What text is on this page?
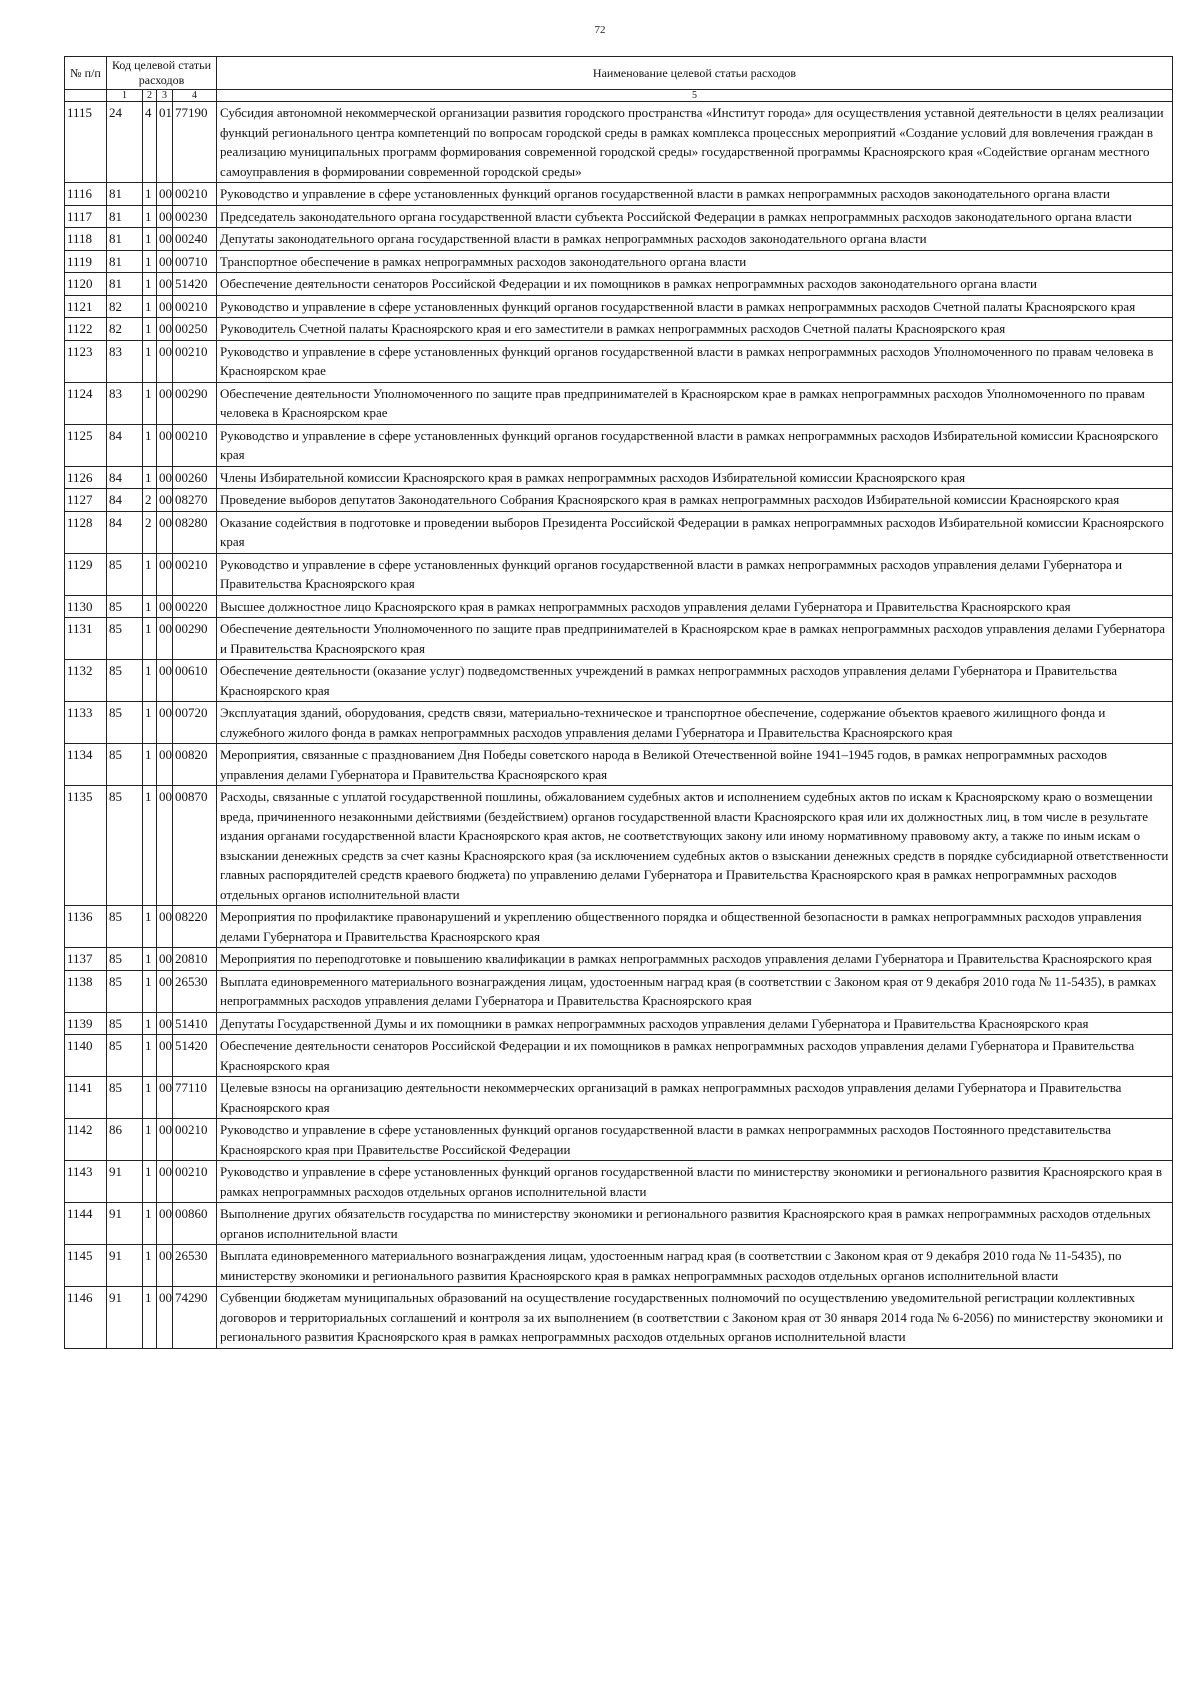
72
№ п/п	Код целевой статьи расходов				Наименование целевой статьи расходов
	1	2	3	4	5
1115	24	4	01	77190	Субсидия автономной некоммерческой организации развития городского пространства «Институт города» для осуществления уставной деятельности в целях реализации функций регионального центра компетенций по вопросам городской среды в рамках комплекса процессных мероприятий «Создание условий для вовлечения граждан в реализацию муниципальных программ формирования современной городской среды» государственной программы Красноярского края «Содействие органам местного самоуправления в формировании современной городской среды»
1116	81	1	00	00210	Руководство и управление в сфере установленных функций органов государственной власти в рамках непрограммных расходов законодательного органа власти
1117	81	1	00	00230	Председатель законодательного органа государственной власти субъекта Российской Федерации в рамках непрограммных расходов законодательного органа власти
1118	81	1	00	00240	Депутаты законодательного органа государственной власти в рамках непрограммных расходов законодательного органа власти
1119	81	1	00	00710	Транспортное обеспечение в рамках непрограммных расходов законодательного органа власти
1120	81	1	00	51420	Обеспечение деятельности сенаторов Российской Федерации и их помощников в рамках непрограммных расходов законодательного органа власти
1121	82	1	00	00210	Руководство и управление в сфере установленных функций органов государственной власти в рамках непрограммных расходов Счетной палаты Красноярского края
1122	82	1	00	00250	Руководитель Счетной палаты Красноярского края и его заместители в рамках непрограммных расходов Счетной палаты Красноярского края
1123	83	1	00	00210	Руководство и управление в сфере установленных функций органов государственной власти в рамках непрограммных расходов Уполномоченного по правам человека в Красноярском крае
1124	83	1	00	00290	Обеспечение деятельности Уполномоченного по защите прав предпринимателей в Красноярском крае в рамках непрограммных расходов Уполномоченного по правам человека в Красноярском крае
1125	84	1	00	00210	Руководство и управление в сфере установленных функций органов государственной власти в рамках непрограммных расходов Избирательной комиссии Красноярского края
1126	84	1	00	00260	Члены Избирательной комиссии Красноярского края в рамках непрограммных расходов Избирательной комиссии Красноярского края
1127	84	2	00	08270	Проведение выборов депутатов Законодательного Собрания Красноярского края в рамках непрограммных расходов Избирательной комиссии Красноярского края
1128	84	2	00	08280	Оказание содействия в подготовке и проведении выборов Президента Российской Федерации в рамках непрограммных расходов Избирательной комиссии Красноярского края
1129	85	1	00	00210	Руководство и управление в сфере установленных функций органов государственной власти в рамках непрограммных расходов управления делами Губернатора и Правительства Красноярского края
1130	85	1	00	00220	Высшее должностное лицо Красноярского края в рамках непрограммных расходов управления делами Губернатора и Правительства Красноярского края
1131	85	1	00	00290	Обеспечение деятельности Уполномоченного по защите прав предпринимателей в Красноярском крае в рамках непрограммных расходов управления делами Губернатора и Правительства Красноярского края
1132	85	1	00	00610	Обеспечение деятельности (оказание услуг) подведомственных учреждений в рамках непрограммных расходов управления делами Губернатора и Правительства Красноярского края
1133	85	1	00	00720	Эксплуатация зданий, оборудования, средств связи, материально-техническое и транспортное обеспечение, содержание объектов краевого жилищного фонда и служебного жилого фонда в рамках непрограммных расходов управления делами Губернатора и Правительства Красноярского края
1134	85	1	00	00820	Мероприятия, связанные с празднованием Дня Победы советского народа в Великой Отечественной войне 1941–1945 годов, в рамках непрограммных расходов управления делами Губернатора и Правительства Красноярского края
1135	85	1	00	00870	Расходы, связанные с уплатой государственной пошлины, обжалованием судебных актов и исполнением судебных актов по искам к Красноярскому краю о возмещении вреда, причиненного незаконными действиями (бездействием) органов государственной власти Красноярского края или их должностных лиц, в том числе в результате издания органами государственной власти Красноярского края актов, не соответствующих закону или иному нормативному правовому акту, а также по иным искам о взыскании денежных средств за счет казны Красноярского края (за исключением судебных актов о взыскании денежных средств в порядке субсидиарной ответственности главных распорядителей средств краевого бюджета) по управлению делами Губернатора и Правительства Красноярского края в рамках непрограммных расходов отдельных органов исполнительной власти
1136	85	1	00	08220	Мероприятия по профилактике правонарушений и укреплению общественного порядка и общественной безопасности в рамках непрограммных расходов управления делами Губернатора и Правительства Красноярского края
1137	85	1	00	20810	Мероприятия по переподготовке и повышению квалификации в рамках непрограммных расходов управления делами Губернатора и Правительства Красноярского края
1138	85	1	00	26530	Выплата единовременного материального вознаграждения лицам, удостоенным наград края (в соответствии с Законом края от 9 декабря 2010 года № 11-5435), в рамках непрограммных расходов управления делами Губернатора и Правительства Красноярского края
1139	85	1	00	51410	Депутаты Государственной Думы и их помощники в рамках непрограммных расходов управления делами Губернатора и Правительства Красноярского края
1140	85	1	00	51420	Обеспечение деятельности сенаторов Российской Федерации и их помощников в рамках непрограммных расходов управления делами Губернатора и Правительства Красноярского края
1141	85	1	00	77110	Целевые взносы на организацию деятельности некоммерческих организаций в рамках непрограммных расходов управления делами Губернатора и Правительства Красноярского края
1142	86	1	00	00210	Руководство и управление в сфере установленных функций органов государственной власти в рамках непрограммных расходов Постоянного представительства Красноярского края при Правительстве Российской Федерации
1143	91	1	00	00210	Руководство и управление в сфере установленных функций органов государственной власти по министерству экономики и регионального развития Красноярского края в рамках непрограммных расходов отдельных органов исполнительной власти
1144	91	1	00	00860	Выполнение других обязательств государства по министерству экономики и регионального развития Красноярского края в рамках непрограммных расходов отдельных органов исполнительной власти
1145	91	1	00	26530	Выплата единовременного материального вознаграждения лицам, удостоенным наград края (в соответствии с Законом края от 9 декабря 2010 года № 11-5435), по министерству экономики и регионального развития Красноярского края в рамках непрограммных расходов отдельных органов исполнительной власти
1146	91	1	00	74290	Субвенции бюджетам муниципальных образований на осуществление государственных полномочий по осуществлению уведомительной регистрации коллективных договоров и территориальных соглашений и контроля за их выполнением (в соответствии с Законом края от 30 января 2014 года № 6-2056) по министерству экономики и регионального развития Красноярского края в рамках непрограммных расходов отдельных органов исполнительной власти
